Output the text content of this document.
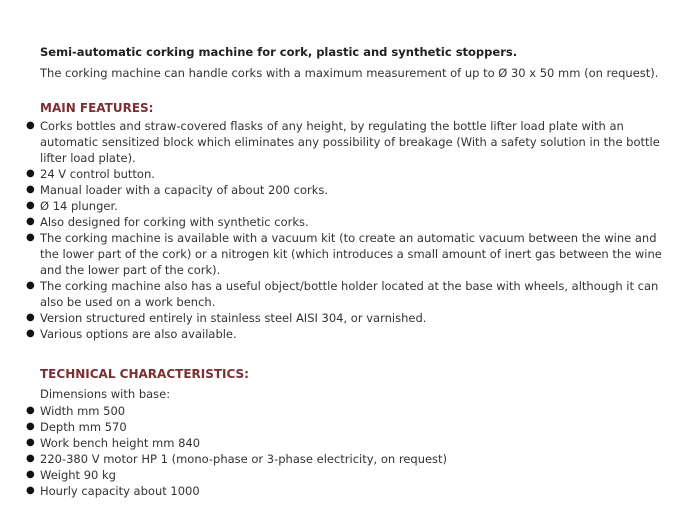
Semi-automatic corking machine for cork, plastic and synthetic stoppers.

The corking machine can handle corks with a maximum measurement of up to Ø 30 x 50 mm (on request).

MAIN FEATURES:
● Corks bottles and straw-covered flasks of any height, by regulating the bottle lifter load plate with an automatic sensitized block which eliminates any possibility of breakage (With a safety solution in the bottle lifter load plate).
● 24 V control button.
● Manual loader with a capacity of about 200 corks.
● Ø 14 plunger.
● Also designed for corking with synthetic corks.
● The corking machine is available with a vacuum kit (to create an automatic vacuum between the wine and the lower part of the cork) or a nitrogen kit (which introduces a small amount of inert gas between the wine and the lower part of the cork).
● The corking machine also has a useful object/bottle holder located at the base with wheels, although it can also be used on a work bench.
● Version structured entirely in stainless steel AISI 304, or varnished.
● Various options are also available.
TECHNICAL CHARACTERISTICS:
Dimensions with base:
● Width mm 500
● Depth mm 570
● Work bench height mm 840
● 220-380 V motor HP 1 (mono-phase or 3-phase electricity, on request)
● Weight 90 kg
● Hourly capacity about 1000
